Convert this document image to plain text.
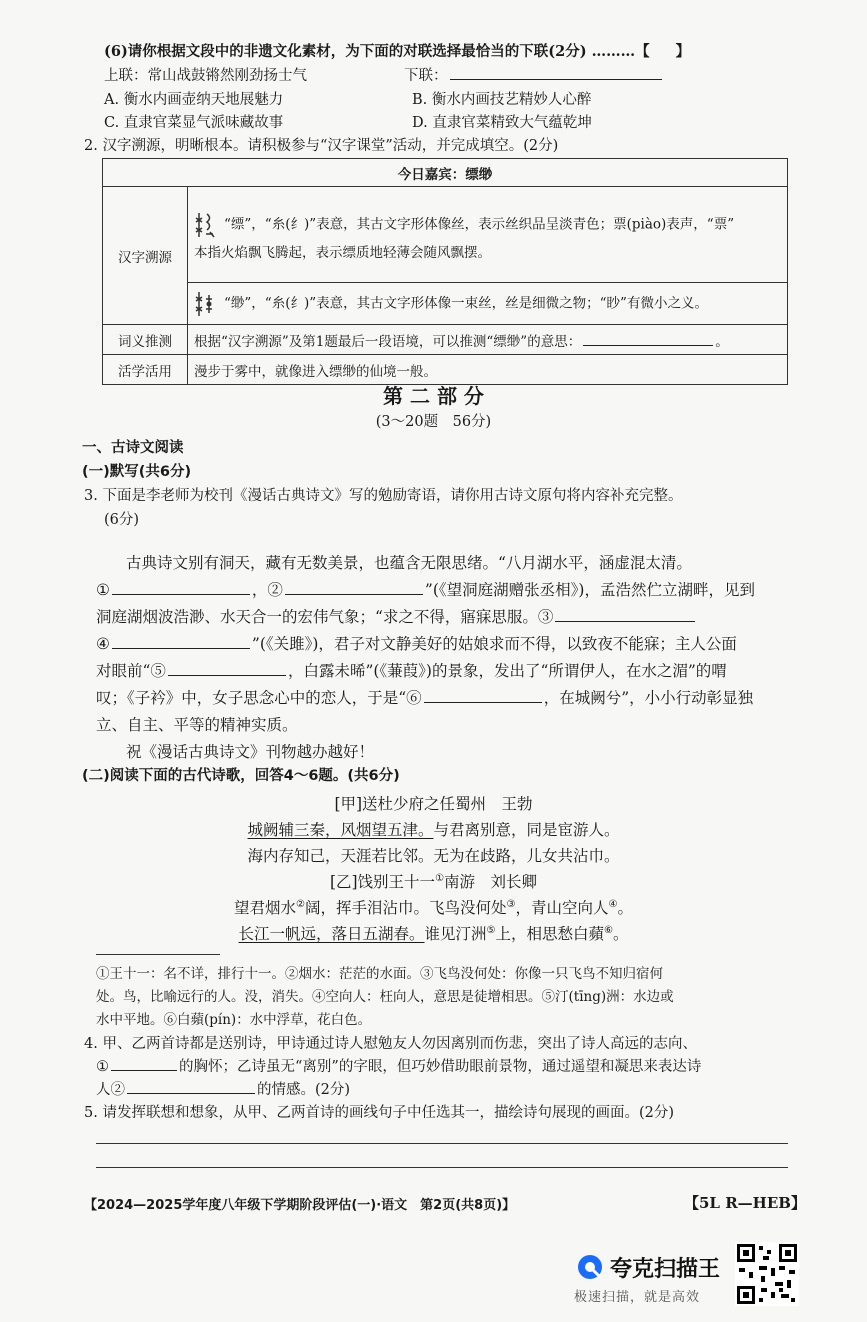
(6)请你根据文段中的非遗文化素材，为下面的对联选择最恰当的下联(2分) ………【 】
上联：常山战鼓锵然刚劲扬士气	下联：
A. 衡水内画壶纳天地展魅力	B. 衡水内画技艺精妙人心醉
C. 直隶官菜显气派味藏故事	D. 直隶官菜精致大气蕴乾坤
2. 汉字溯源，明晰根本。请积极参与“汉字课堂”活动，并完成填空。(2分)
今日嘉宾：缥缈	
汉字溯源	“缥”，“糸(纟)”表意，其古文字形体像丝，表示丝织品呈淡青色；票(piào)表声，“票”
本指火焰飘飞腾起，表示缥质地轻薄会随风飘摆。
	“缈”，“糸(纟)”表意，其古文字形体像一束丝，丝是细微之物；“眇”有微小之义。
词义推测	根据“汉字溯源”及第1题最后一段语境，可以推测“缥缈”的意思： 。
活学活用	漫步于雾中，就像进入缥缈的仙境一般。
第 二 部 分
(3～20题　56分)
一、古诗文阅读
(一)默写(共6分)
3. 下面是李老师为校刊《漫话古典诗文》写的勉励寄语，请你用古诗文原句将内容补充完整。
(6分)
古典诗文别有洞天，藏有无数美景，也蕴含无限思绪。“八月湖水平，涵虚混太清。
①	，②	”(《望洞庭湖赠张丞相》)，孟浩然伫立湖畔，见到
洞庭湖烟波浩渺、水天合一的宏伟气象；“求之不得，寤寐思服。③
④	”(《关雎》)，君子对文静美好的姑娘求而不得，以致夜不能寐；主人公面
对眼前“⑤	，白露未晞”(《蒹葭》)的景象，发出了“所谓伊人，在水之湄”的喟
叹；《子衿》中，女子思念心中的恋人，于是“⑥	，在城阙兮”，小小行动彰显独
立、自主、平等的精神实质。
祝《漫话古典诗文》刊物越办越好！
(二)阅读下面的古代诗歌，回答4～6题。(共6分)
[甲]送杜少府之任蜀州　王勃
城阙辅三秦，风烟望五津。与君离别意，同是宦游人。
海内存知己，天涯若比邻。无为在歧路，儿女共沾巾。
[乙]饯别王十一①南游　刘长卿
望君烟水②阔，挥手泪沾巾。飞鸟没何处③，青山空向人④。
长江一帆远，落日五湖春。谁见汀洲⑤上，相思愁白蘋⑥。
①王十一：名不详，排行十一。②烟水：茫茫的水面。③飞鸟没何处：你像一只飞鸟不知归宿何
处。鸟，比喻远行的人。没，消失。④空向人：枉向人，意思是徒增相思。⑤汀(tīng)洲：水边或
水中平地。⑥白蘋(pín)：水中浮草，花白色。
4. 甲、乙两首诗都是送别诗，甲诗通过诗人慰勉友人勿因离别而伤悲，突出了诗人高远的志向、
①	的胸怀；乙诗虽无“离别”的字眼，但巧妙借助眼前景物，通过遥望和凝思来表达诗
人②	的情感。(2分)
5. 请发挥联想和想象，从甲、乙两首诗的画线句子中任选其一，描绘诗句展现的画面。(2分)
【2024—2025学年度八年级下学期阶段评估(一)·语文　第2页(共8页)】	【5L R—HEB】
夸克扫描王
极速扫描，就是高效
